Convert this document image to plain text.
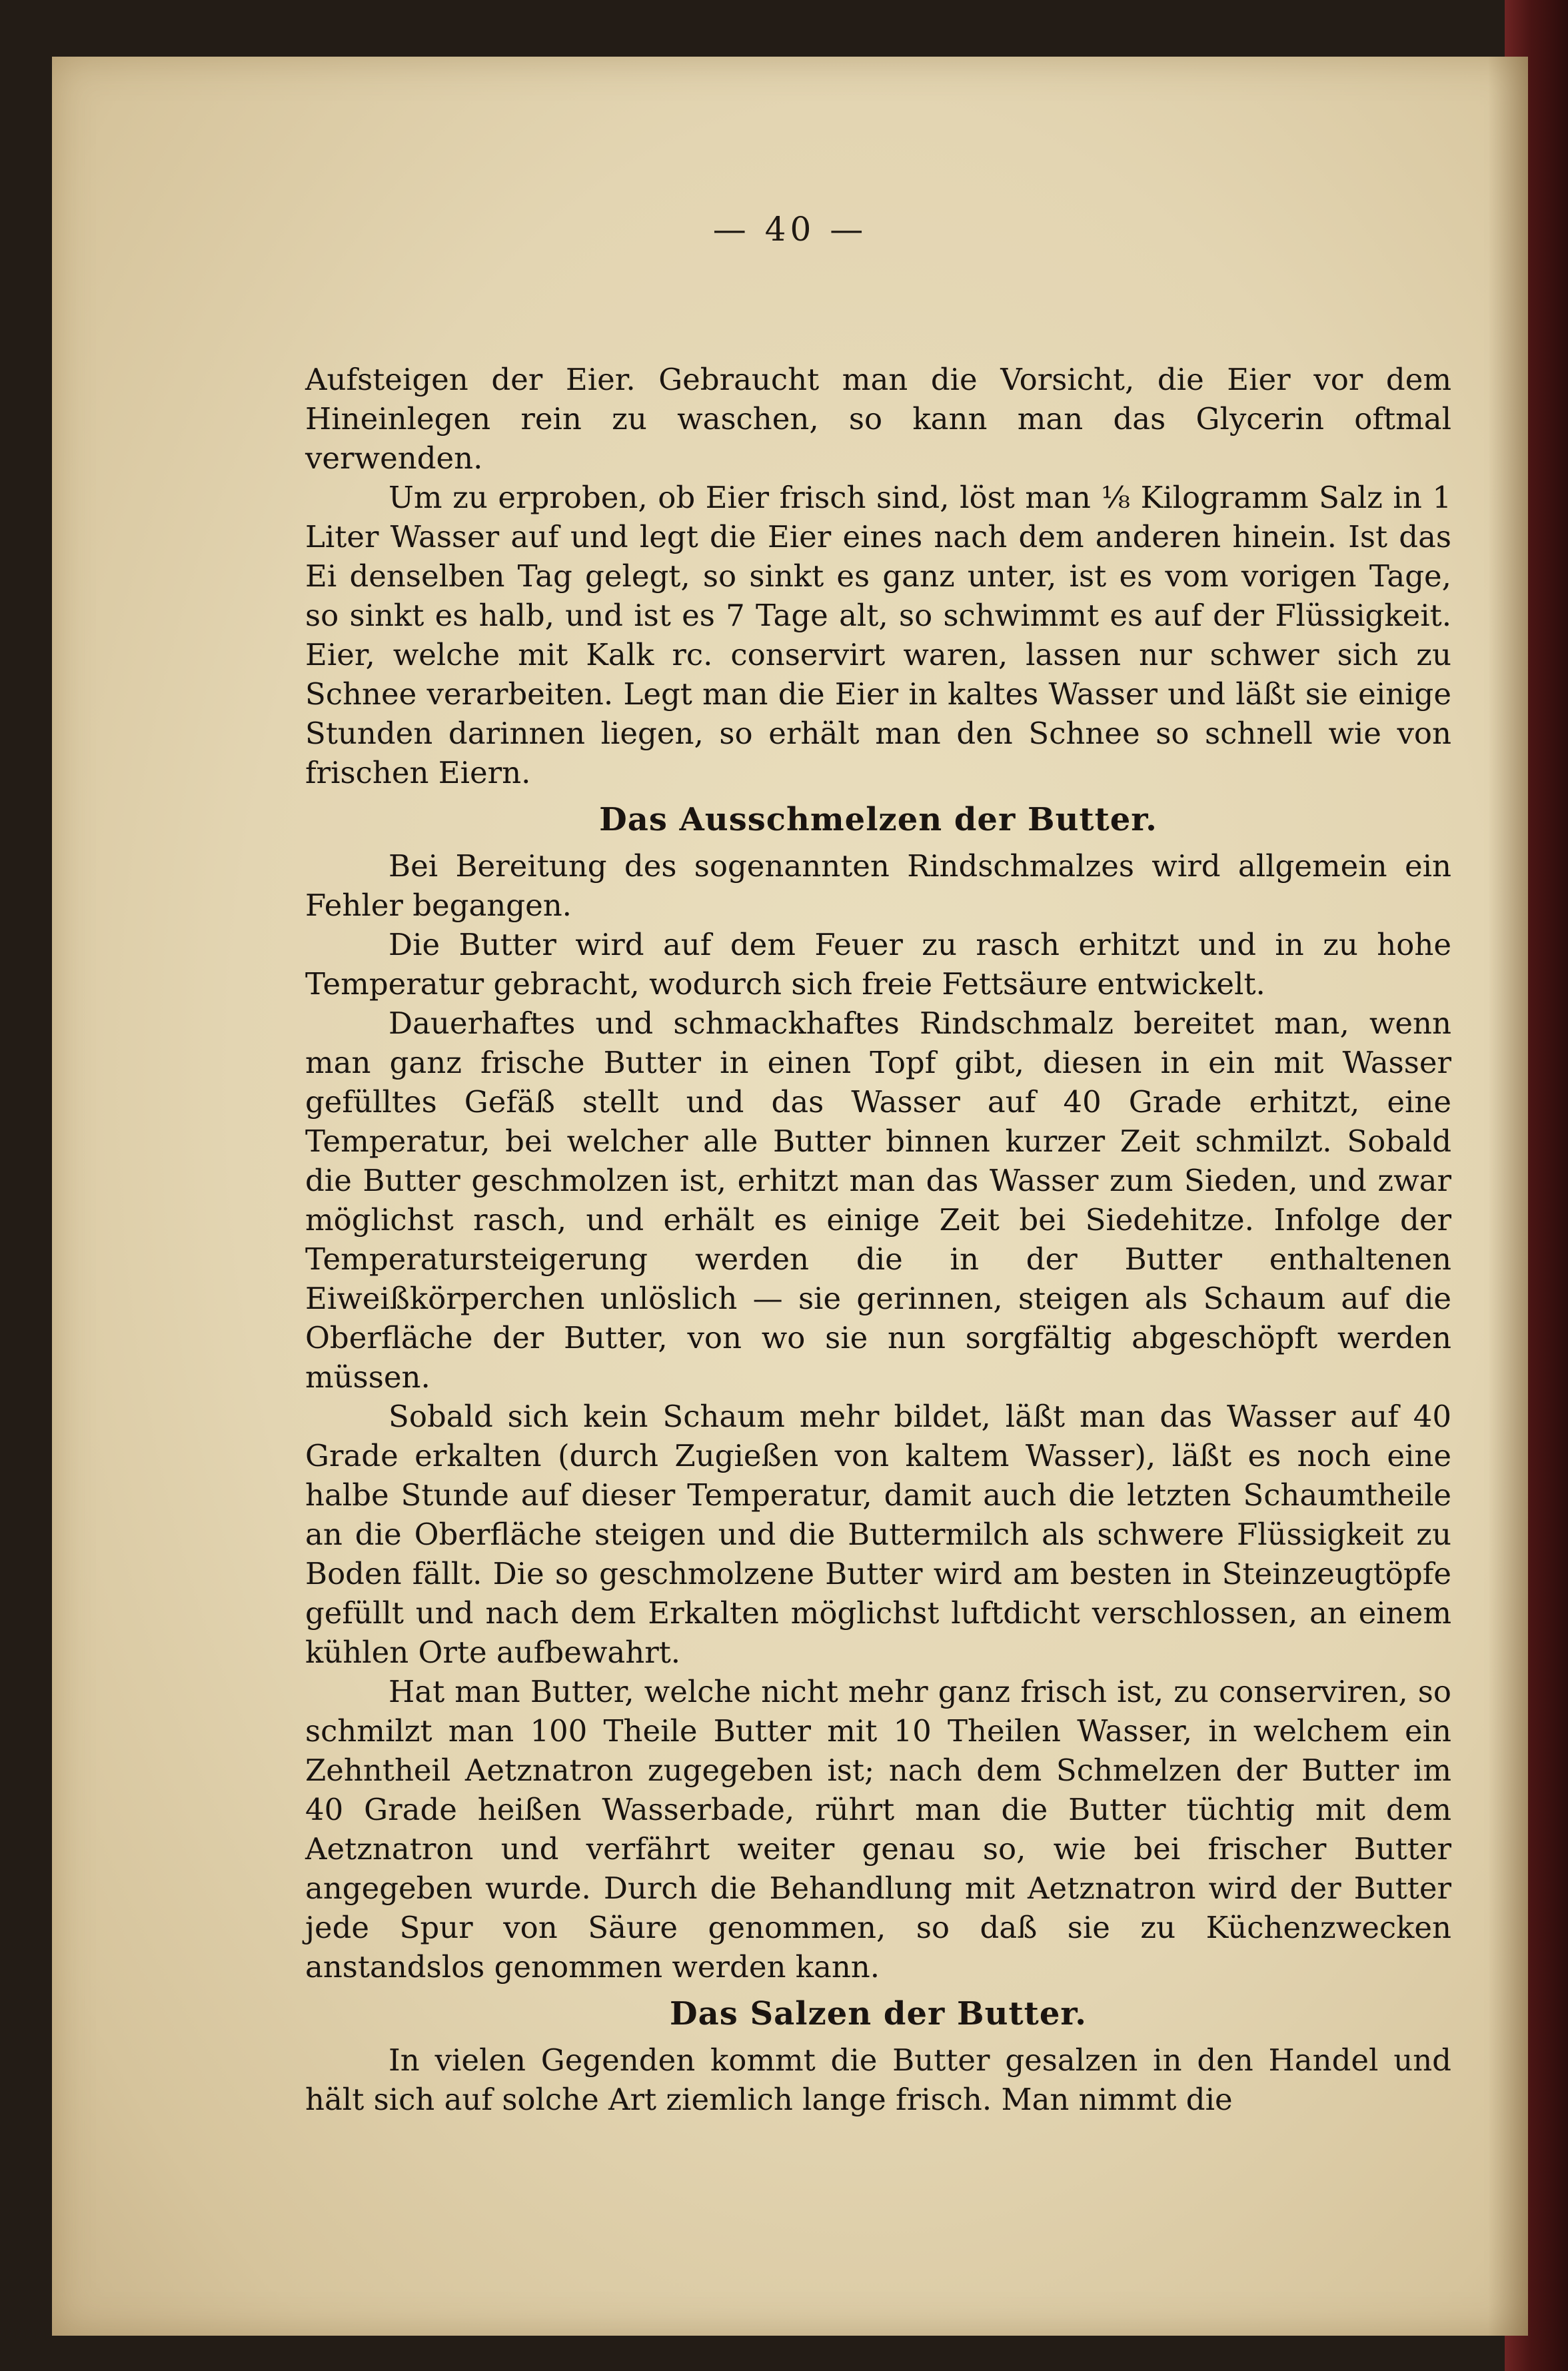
— 40 —

Aufsteigen der Eier. Gebraucht man die Vorsicht, die Eier vor dem Hineinlegen rein zu waschen, so kann man das Glycerin oftmal verwenden.

Um zu erproben, ob Eier frisch sind, löst man ⅛ Kilogramm Salz in 1 Liter Wasser auf und legt die Eier eines nach dem anderen hinein. Ist das Ei denselben Tag gelegt, so sinkt es ganz unter, ist es vom vorigen Tage, so sinkt es halb, und ist es 7 Tage alt, so schwimmt es auf der Flüssigkeit. Eier, welche mit Kalk rc. conservirt waren, lassen nur schwer sich zu Schnee verarbeiten. Legt man die Eier in kaltes Wasser und läßt sie einige Stunden darinnen liegen, so erhält man den Schnee so schnell wie von frischen Eiern.

Das Ausschmelzen der Butter.

Bei Bereitung des sogenannten Rindschmalzes wird allgemein ein Fehler begangen.

Die Butter wird auf dem Feuer zu rasch erhitzt und in zu hohe Temperatur gebracht, wodurch sich freie Fettsäure entwickelt.

Dauerhaftes und schmackhaftes Rindschmalz bereitet man, wenn man ganz frische Butter in einen Topf gibt, diesen in ein mit Wasser gefülltes Gefäß stellt und das Wasser auf 40 Grade erhitzt, eine Temperatur, bei welcher alle Butter binnen kurzer Zeit schmilzt. Sobald die Butter geschmolzen ist, erhitzt man das Wasser zum Sieden, und zwar möglichst rasch, und erhält es einige Zeit bei Siedehitze. Infolge der Temperatursteigerung werden die in der Butter enthaltenen Eiweißkörperchen unlöslich — sie gerinnen, steigen als Schaum auf die Oberfläche der Butter, von wo sie nun sorgfältig abgeschöpft werden müssen.

Sobald sich kein Schaum mehr bildet, läßt man das Wasser auf 40 Grade erkalten (durch Zugießen von kaltem Wasser), läßt es noch eine halbe Stunde auf dieser Temperatur, damit auch die letzten Schaumtheile an die Oberfläche steigen und die Buttermilch als schwere Flüssigkeit zu Boden fällt. Die so geschmolzene Butter wird am besten in Steinzeugtöpfe gefüllt und nach dem Erkalten möglichst luftdicht verschlossen, an einem kühlen Orte aufbewahrt.

Hat man Butter, welche nicht mehr ganz frisch ist, zu conserviren, so schmilzt man 100 Theile Butter mit 10 Theilen Wasser, in welchem ein Zehntheil Aetznatron zugegeben ist; nach dem Schmelzen der Butter im 40 Grade heißen Wasserbade, rührt man die Butter tüchtig mit dem Aetznatron und verfährt weiter genau so, wie bei frischer Butter angegeben wurde. Durch die Behandlung mit Aetznatron wird der Butter jede Spur von Säure genommen, so daß sie zu Küchenzwecken anstandslos genommen werden kann.

Das Salzen der Butter.

In vielen Gegenden kommt die Butter gesalzen in den Handel und hält sich auf solche Art ziemlich lange frisch. Man nimmt die
